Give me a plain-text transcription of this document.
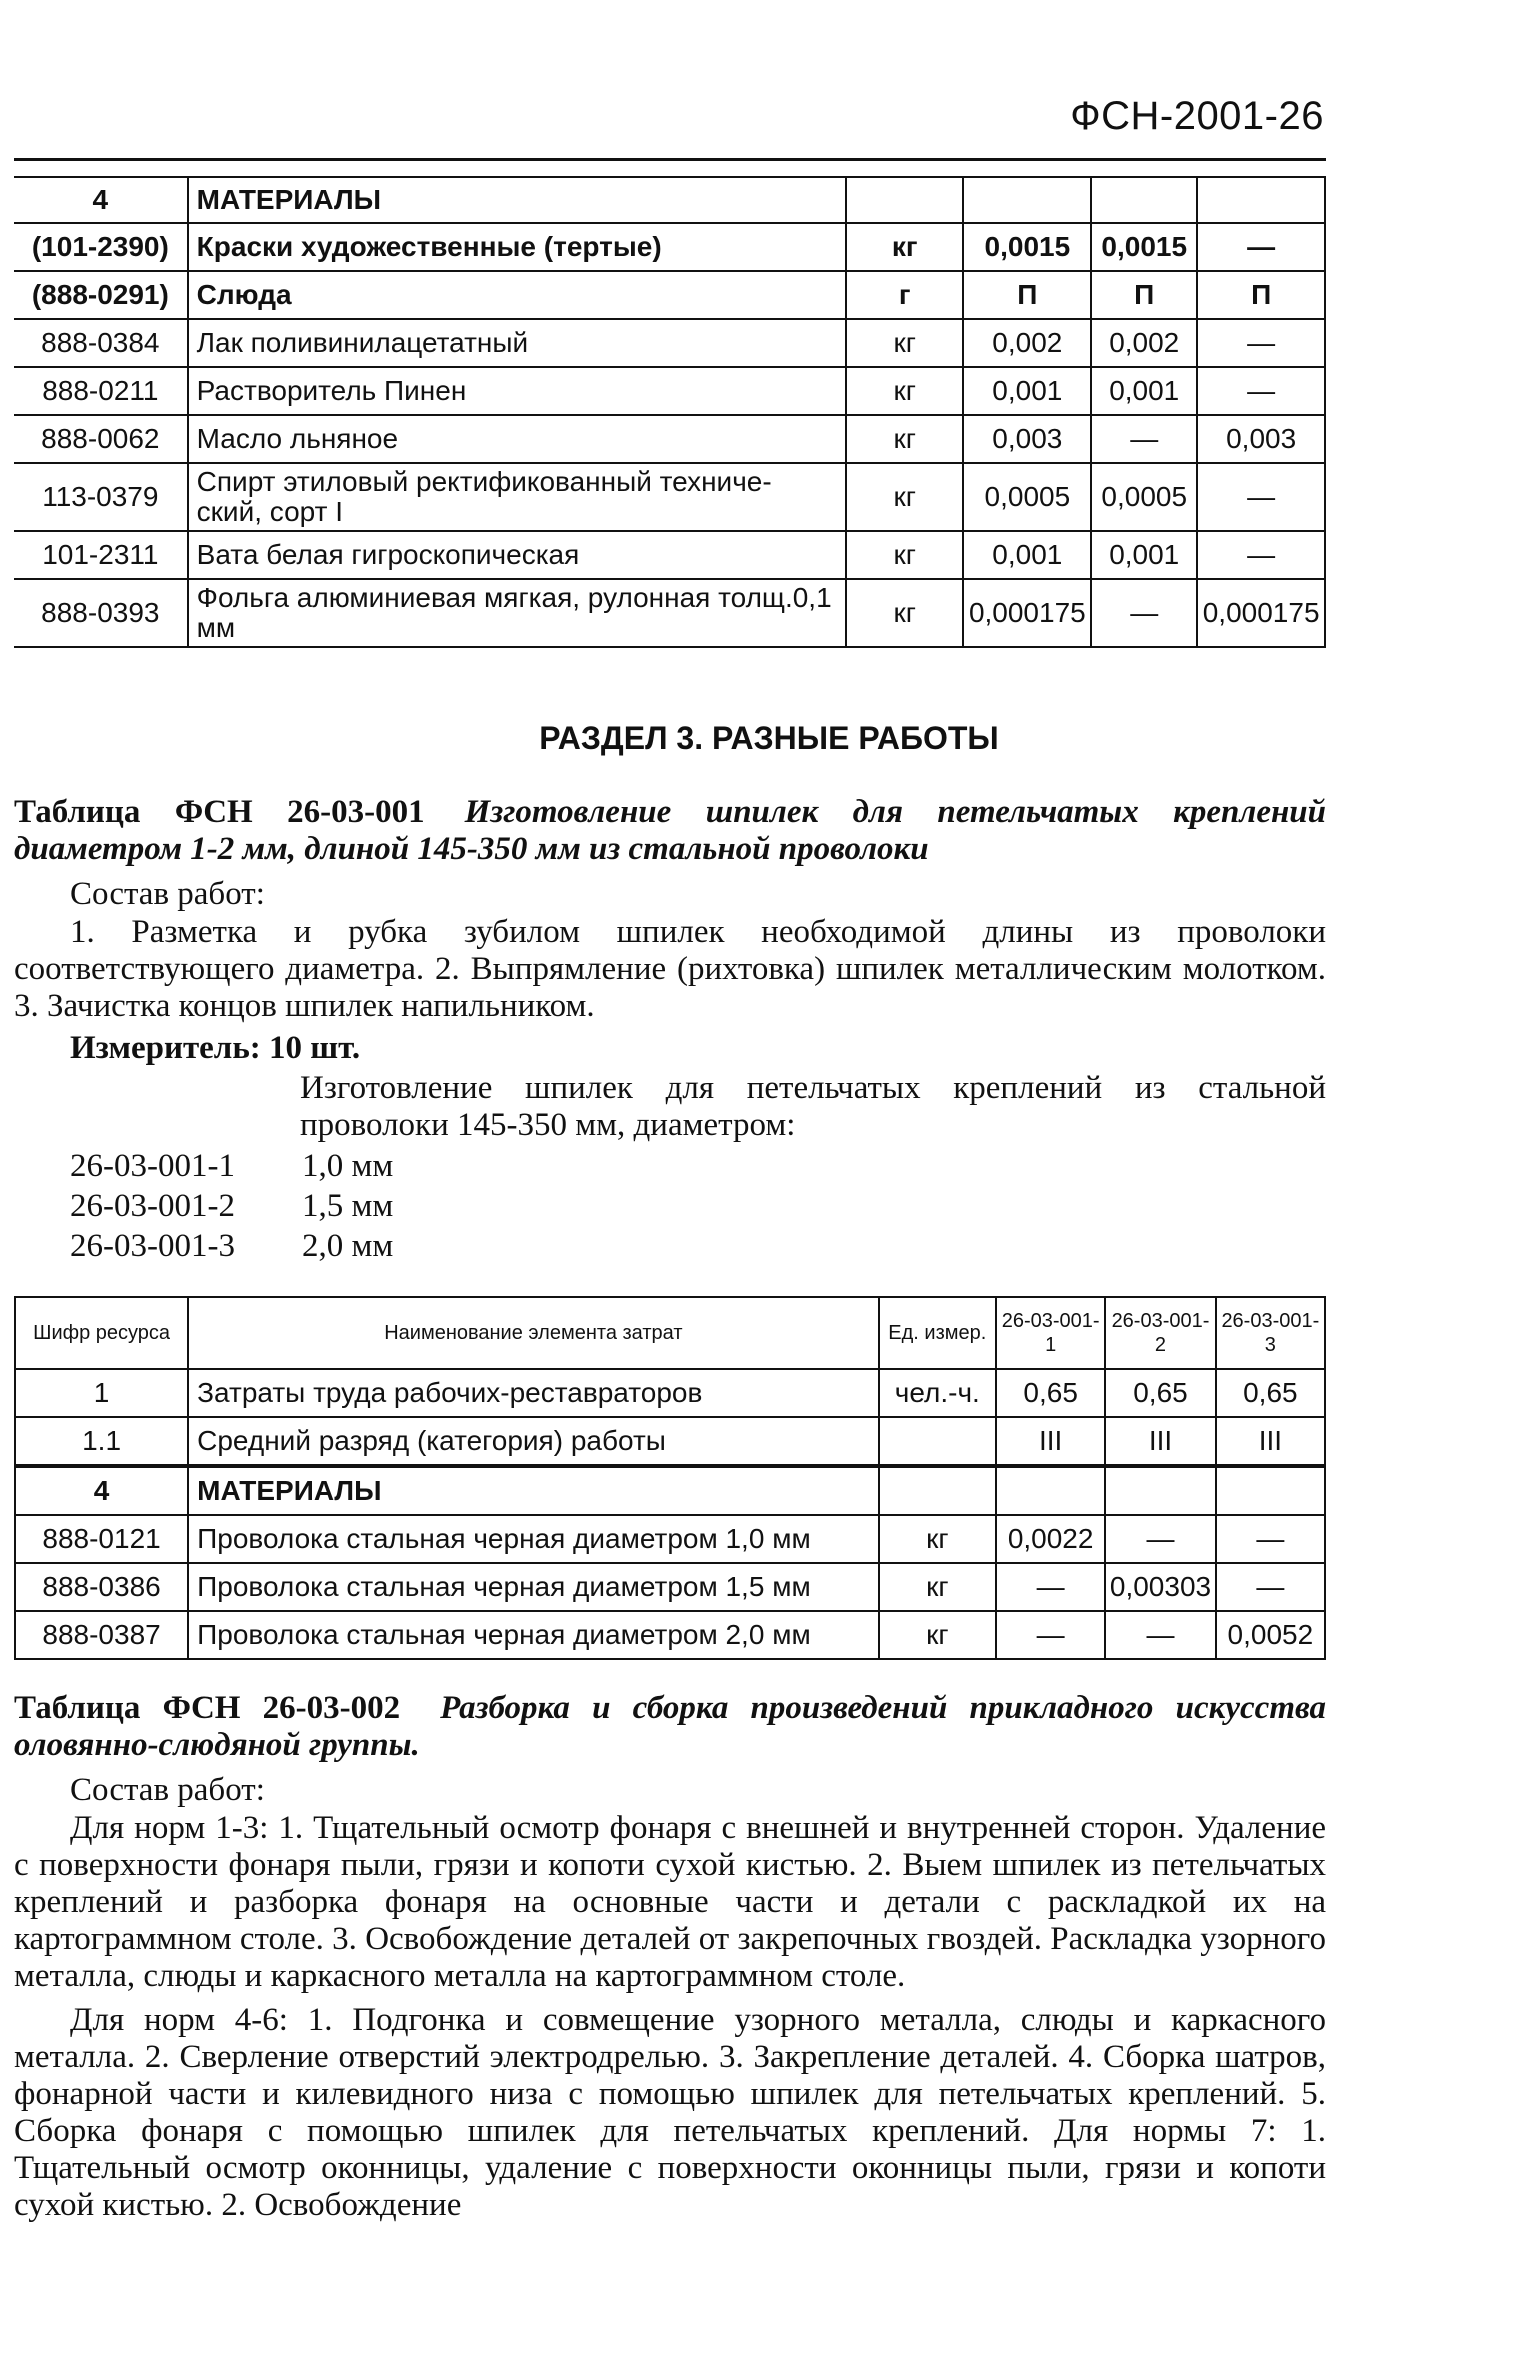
ФСН-2001-26
4	МАТЕРИАЛЫ				
(101-2390)	Краски художественные (тертые)	кг	0,0015	0,0015	—
(888-0291)	Слюда	г	П	П	П
888-0384	Лак поливинилацетатный	кг	0,002	0,002	—
888-0211	Растворитель Пинен	кг	0,001	0,001	—
888-0062	Масло льняное	кг	0,003	—	0,003
113-0379	Спирт этиловый ректификованный техниче-ский, сорт I	кг	0,0005	0,0005	—
101-2311	Вата белая гигроскопическая	кг	0,001	0,001	—
888-0393	Фольга алюминиевая мягкая, рулонная толщ.0,1 мм	кг	0,000175	—	0,000175
РАЗДЕЛ 3. РАЗНЫЕ РАБОТЫ
Таблица ФСН 26-03-001 Изготовление шпилек для петельчатых креплений диаметром 1-2 мм, длиной 145-350 мм из стальной проволоки
Состав работ:
1. Разметка и рубка зубилом шпилек необходимой длины из проволоки соответствующего диаметра. 2. Выпрямление (рихтовка) шпилек металлическим молотком. 3. Зачистка концов шпилек напильником.
Измеритель: 10 шт.
Изготовление шпилек для петельчатых креплений из стальной проволоки 145-350 мм, диаметром:
26-03-001-1 1,0 мм
26-03-001-2 1,5 мм
26-03-001-3 2,0 мм
Шифр ресурса	Наименование элемента затрат	Ед. измер.	26-03-001-1	26-03-001-2	26-03-001-3
1	Затраты труда рабочих-реставраторов	чел.-ч.	0,65	0,65	0,65
1.1	Средний разряд (категория) работы		III	III	III
4	МАТЕРИАЛЫ				
888-0121	Проволока стальная черная диаметром 1,0 мм	кг	0,0022	—	—
888-0386	Проволока стальная черная диаметром 1,5 мм	кг	—	0,00303	—
888-0387	Проволока стальная черная диаметром 2,0 мм	кг	—	—	0,0052
Таблица ФСН 26-03-002 Разборка и сборка произведений прикладного искусства оловянно-слюдяной группы.
Состав работ:
Для норм 1-3: 1. Тщательный осмотр фонаря с внешней и внутренней сторон. Удаление с поверхности фонаря пыли, грязи и копоти сухой кистью. 2. Выем шпилек из петельчатых креплений и разборка фонаря на основные части и детали с раскладкой их на картограммном столе. 3. Освобождение деталей от закрепочных гвоздей. Раскладка узорного металла, слюды и каркасного металла на картограммном столе.
Для норм 4-6: 1. Подгонка и совмещение узорного металла, слюды и каркасного металла. 2. Сверление отверстий электродрелью. 3. Закрепление деталей. 4. Сборка шатров, фонарной части и килевидного низа с помощью шпилек для петельчатых креплений. 5. Сборка фонаря с помощью шпилек для петельчатых креплений. Для нормы 7: 1. Тщательный осмотр оконницы, удаление с поверхности оконницы пыли, грязи и копоти сухой кистью. 2. Освобождение
